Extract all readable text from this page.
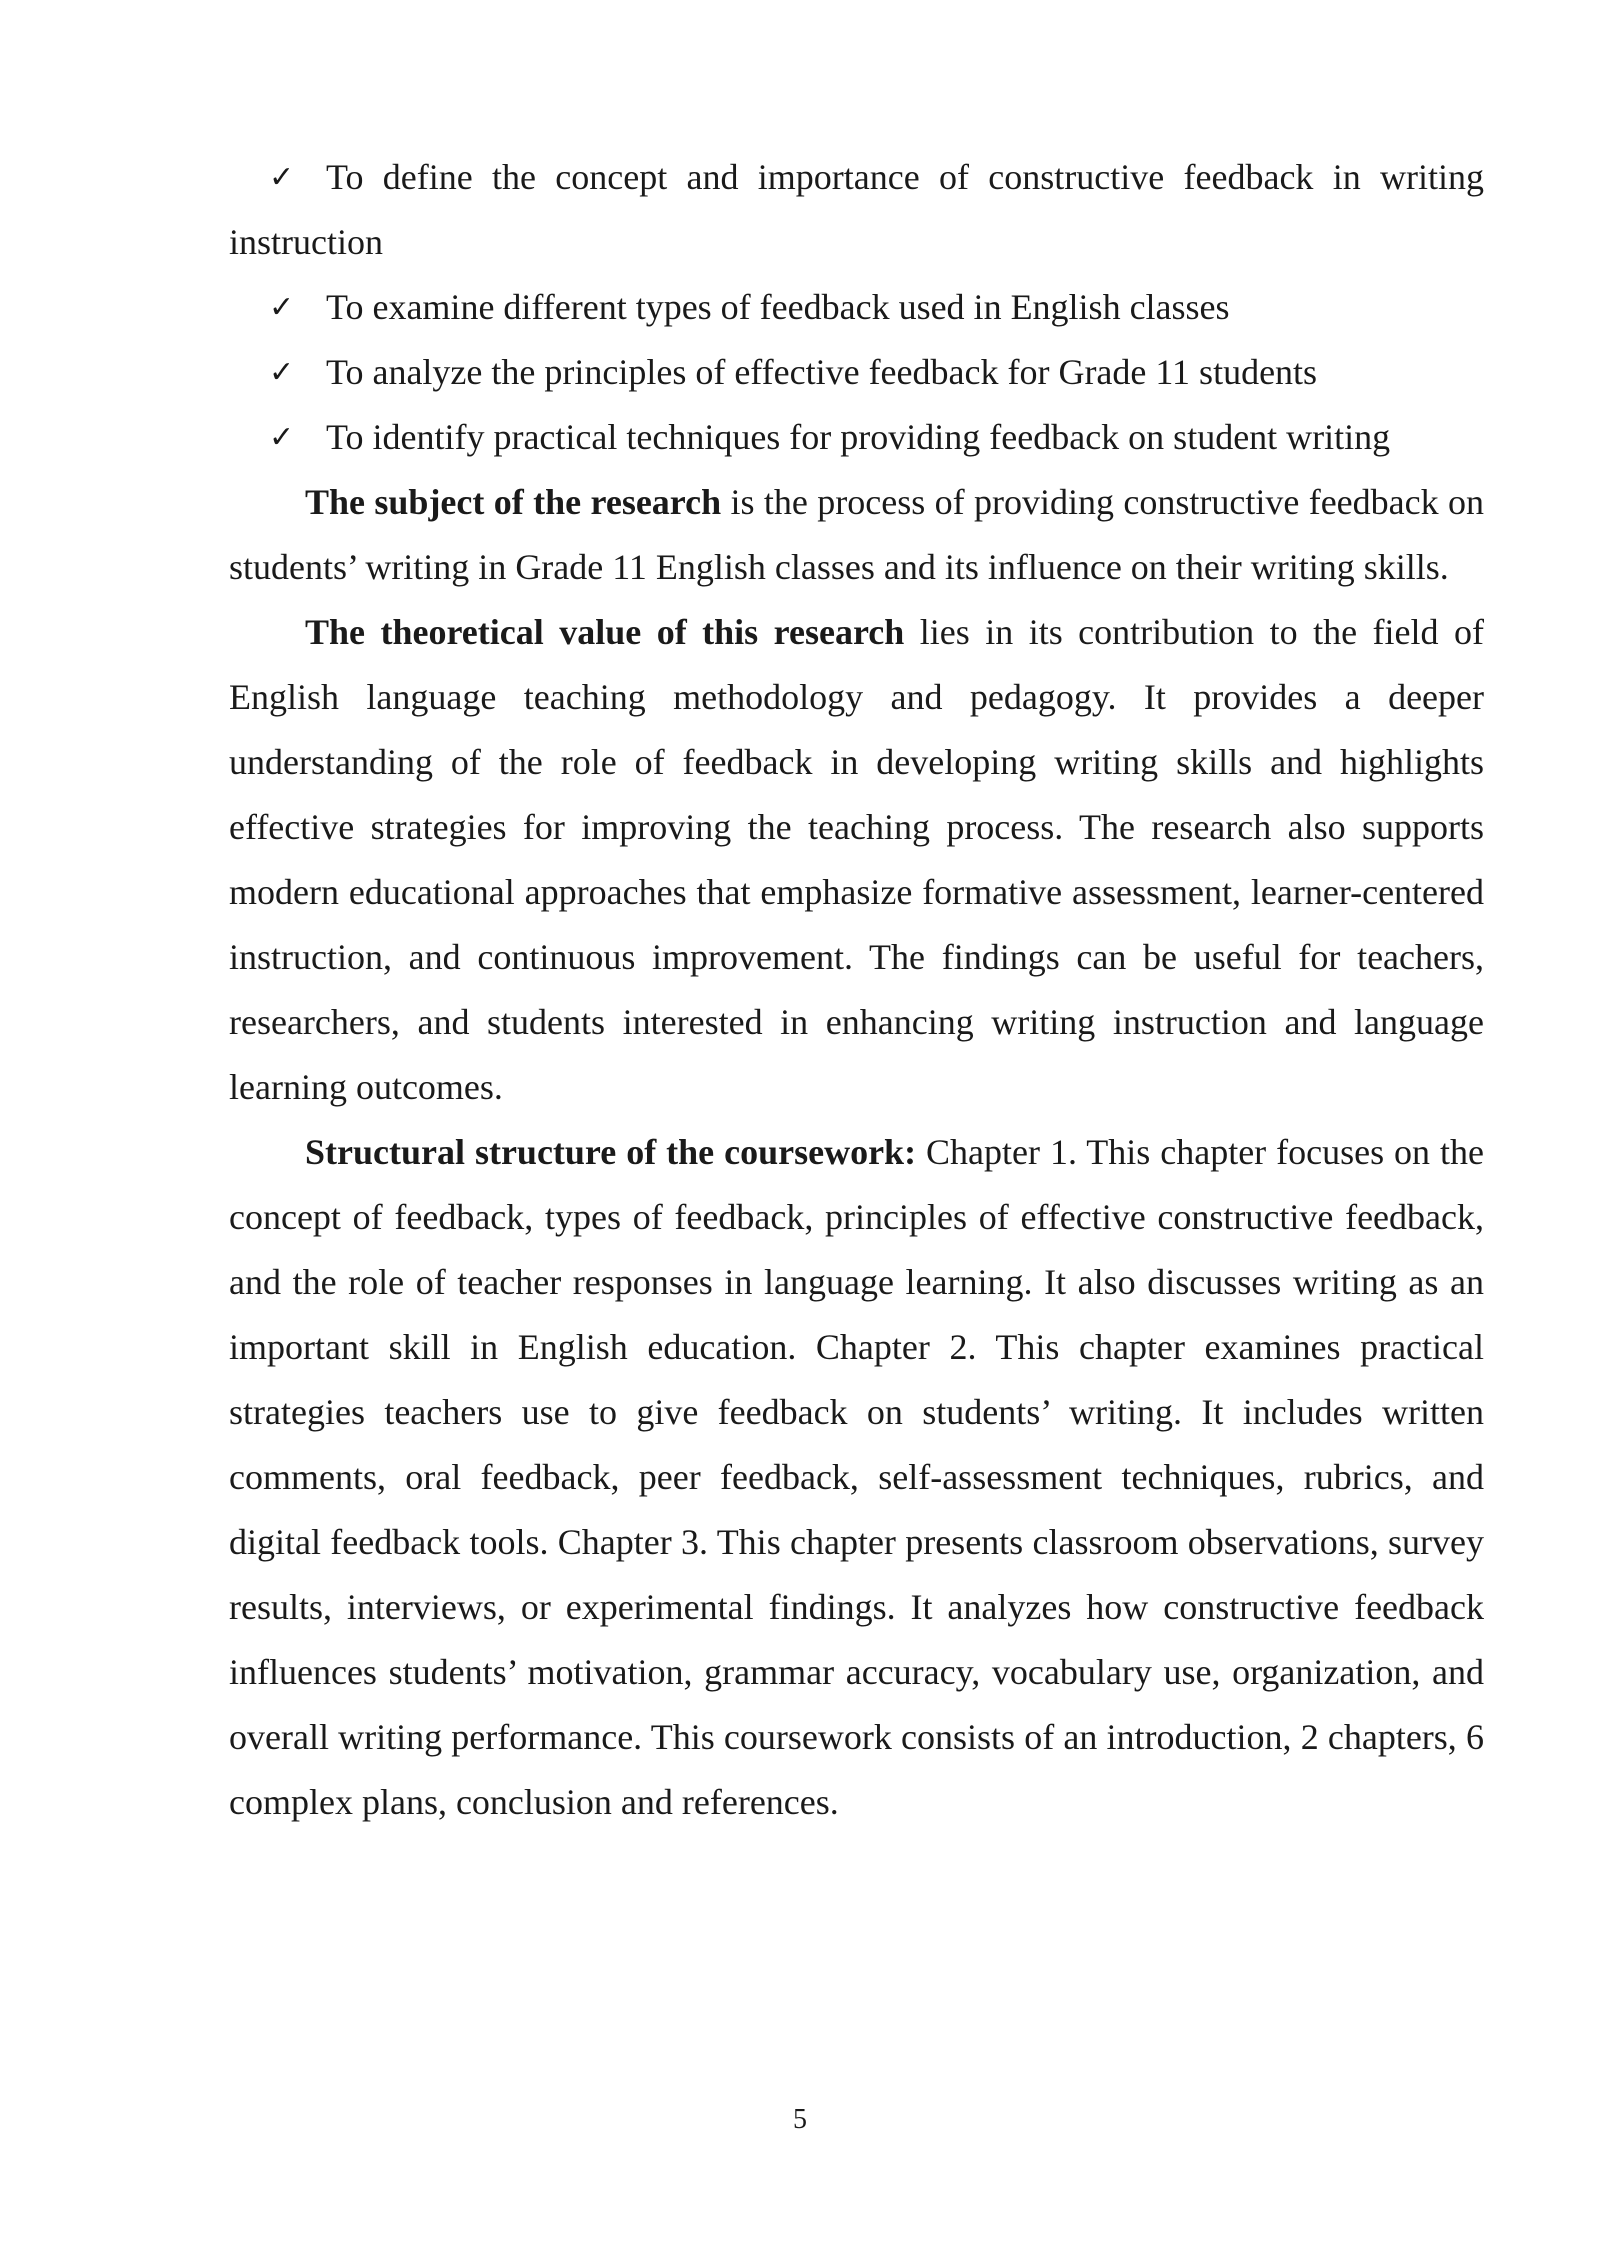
✓ To define the concept and importance of constructive feedback in writing instruction
✓ To examine different types of feedback used in English classes
✓ To analyze the principles of effective feedback for Grade 11 students
✓ To identify practical techniques for providing feedback on student writing

The subject of the research is the process of providing constructive feedback on students’ writing in Grade 11 English classes and its influence on their writing skills.

The theoretical value of this research lies in its contribution to the field of English language teaching methodology and pedagogy. It provides a deeper understanding of the role of feedback in developing writing skills and highlights effective strategies for improving the teaching process. The research also supports modern educational approaches that emphasize formative assessment, learner-centered instruction, and continuous improvement. The findings can be useful for teachers, researchers, and students interested in enhancing writing instruction and language learning outcomes.

Structural structure of the coursework: Chapter 1. This chapter focuses on the concept of feedback, types of feedback, principles of effective constructive feedback, and the role of teacher responses in language learning. It also discusses writing as an important skill in English education. Chapter 2. This chapter examines practical strategies teachers use to give feedback on students’ writing. It includes written comments, oral feedback, peer feedback, self-assessment techniques, rubrics, and digital feedback tools. Chapter 3. This chapter presents classroom observations, survey results, interviews, or experimental findings. It analyzes how constructive feedback influences students’ motivation, grammar accuracy, vocabulary use, organization, and overall writing performance. This coursework consists of an introduction, 2 chapters, 6 complex plans, conclusion and references.

5
